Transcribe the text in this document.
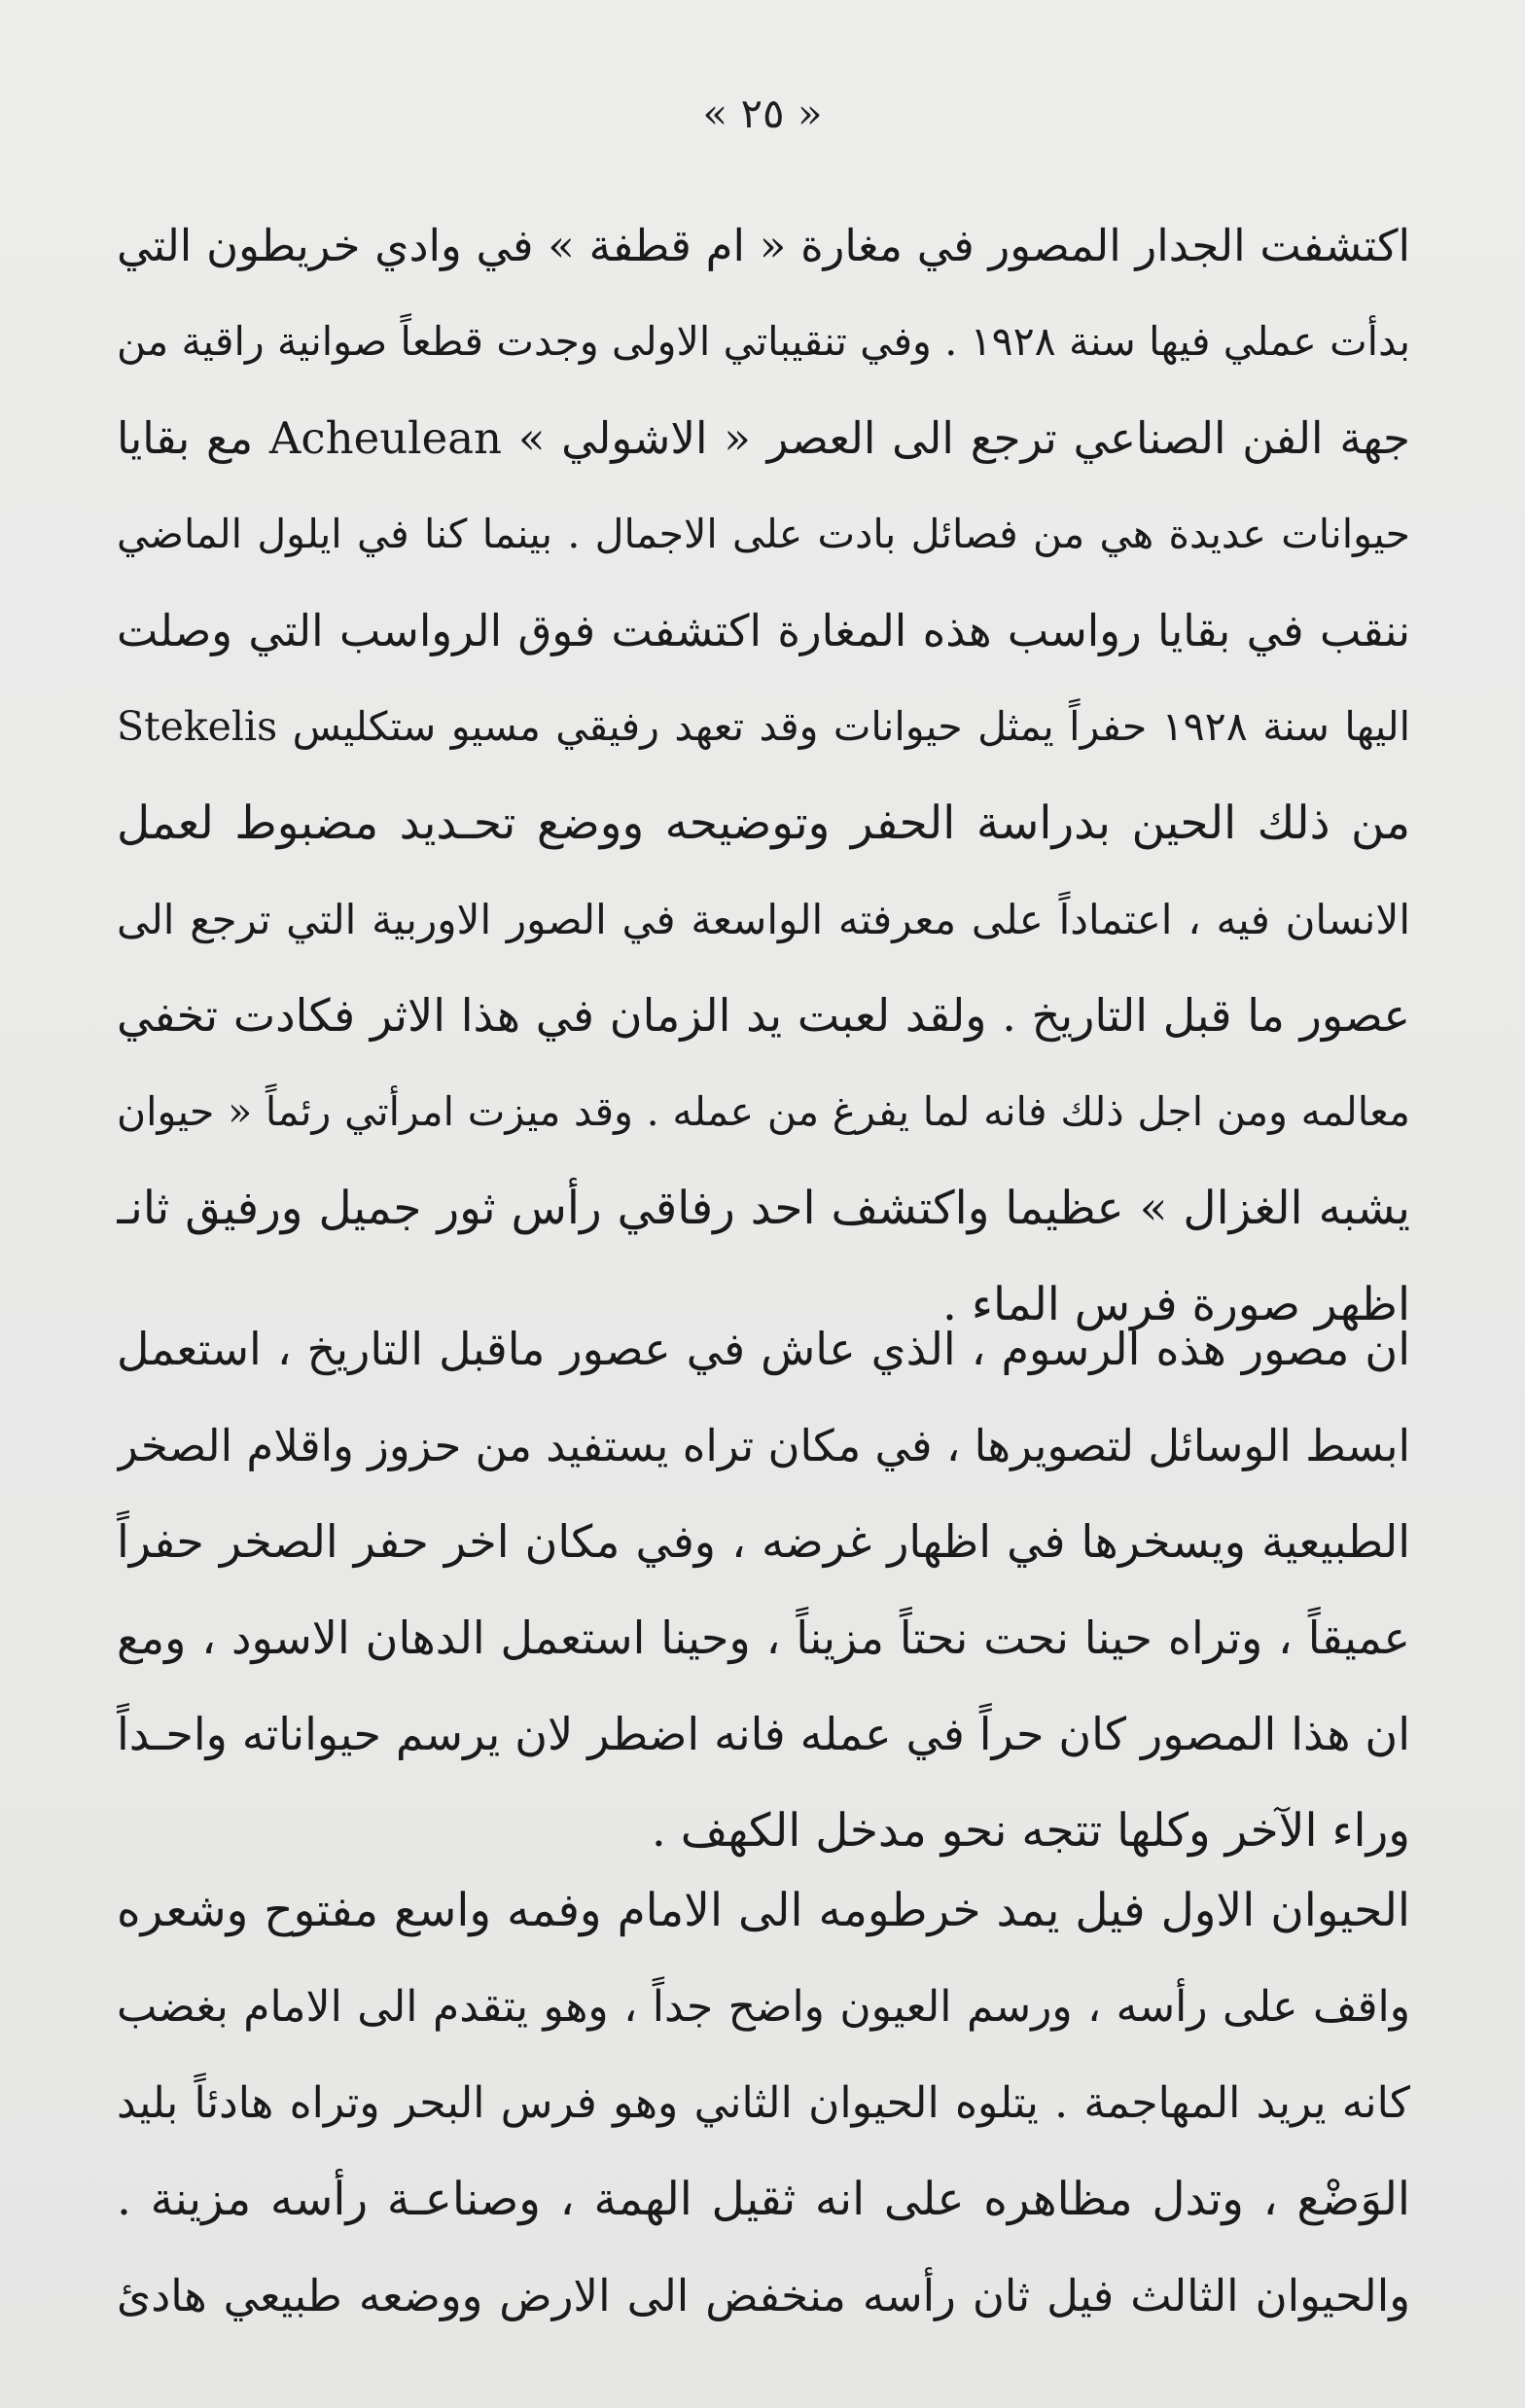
« ٢٥ »
اكتشفت الجدار المصور في مغارة « ام قطفة » في وادي خريطون التي
بدأت عملي فيها سنة ١٩٢٨ . وفي تنقيباتي الاولى وجدت قطعاً صوانية راقية من
جهة الفن الصناعي ترجع الى العصر « الاشولي » Acheulean مع بقايا
حيوانات عديدة هي من فصائل بادت على الاجمال . بينما كنا في ايلول الماضي
ننقب في بقايا رواسب هذه المغارة اكتشفت فوق الرواسب التي وصلت
اليها سنة ١٩٢٨ حفراً يمثل حيوانات وقد تعهد رفيقي مسيو ستكليس Stekelis
من ذلك الحين بدراسة الحفر وتوضيحه ووضع تحـديد مضبوط لعمل
الانسان فيه ، اعتماداً على معرفته الواسعة في الصور الاوربية التي ترجع الى
عصور ما قبل التاريخ . ولقد لعبت يد الزمان في هذا الاثر فكادت تخفي
معالمه ومن اجل ذلك فانه لما يفرغ من عمله . وقد ميزت امرأتي رئماً « حيوان
يشبه الغزال » عظيما واكتشف احد رفاقي رأس ثور جميل ورفيق ثانـ
اظهر صورة فرس الماء .
ان مصور هذه الرسوم ، الذي عاش في عصور ماقبل التاريخ ، استعمل
ابسط الوسائل لتصويرها ، في مكان تراه يستفيد من حزوز واقلام الصخر
الطبيعية ويسخرها في اظهار غرضه ، وفي مكان اخر حفر الصخر حفراً
عميقاً ، وتراه حينا نحت نحتاً مزيناً ، وحينا استعمل الدهان الاسود ، ومع
ان هذا المصور كان حراً في عمله فانه اضطر لان يرسم حيواناته واحـداً
وراء الآخر وكلها تتجه نحو مدخل الكهف .
الحيوان الاول فيل يمد خرطومه الى الامام وفمه واسع مفتوح وشعره
واقف على رأسه ، ورسم العيون واضح جداً ، وهو يتقدم الى الامام بغضب
كانه يريد المهاجمة . يتلوه الحيوان الثاني وهو فرس البحر وتراه هادئاً بليد
الوَضْع ، وتدل مظاهره على انه ثقيل الهمة ، وصناعـة رأسه مزينة .
والحيوان الثالث فيل ثان رأسه منخفض الى الارض ووضعه طبيعي هادئ
